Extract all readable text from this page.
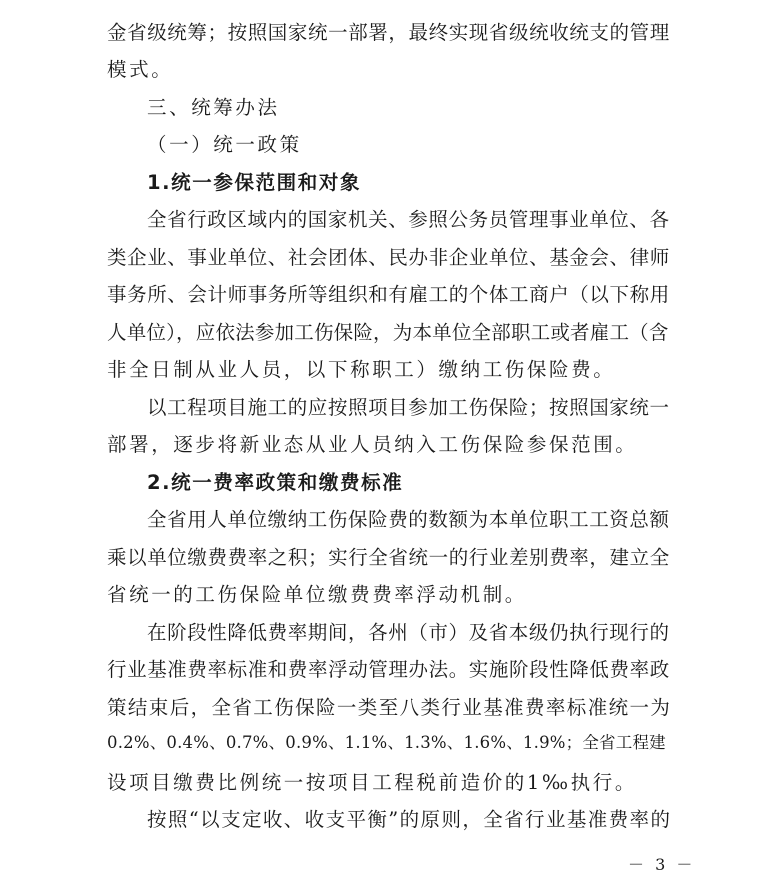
金省级统筹；按照国家统一部署，最终实现省级统收统支的管理
模式。
三、统筹办法
（一）统一政策
1.统一参保范围和对象
全省行政区域内的国家机关、参照公务员管理事业单位、各
类企业、事业单位、社会团体、民办非企业单位、基金会、律师
事务所、会计师事务所等组织和有雇工的个体工商户（以下称用
人单位），应依法参加工伤保险，为本单位全部职工或者雇工（含
非全日制从业人员，以下称职工）缴纳工伤保险费。
以工程项目施工的应按照项目参加工伤保险；按照国家统一
部署，逐步将新业态从业人员纳入工伤保险参保范围。
2.统一费率政策和缴费标准
全省用人单位缴纳工伤保险费的数额为本单位职工工资总额
乘以单位缴费费率之积；实行全省统一的行业差别费率，建立全
省统一的工伤保险单位缴费费率浮动机制。
在阶段性降低费率期间，各州（市）及省本级仍执行现行的
行业基准费率标准和费率浮动管理办法。实施阶段性降低费率政
策结束后，全省工伤保险一类至八类行业基准费率标准统一为
0.2%、0.4%、0.7%、0.9%、1.1%、1.3%、1.6%、1.9%；全省工程建
设项目缴费比例统一按项目工程税前造价的1‰执行。
按照“以支定收、收支平衡”的原则，全省行业基准费率的
－ 3 －
